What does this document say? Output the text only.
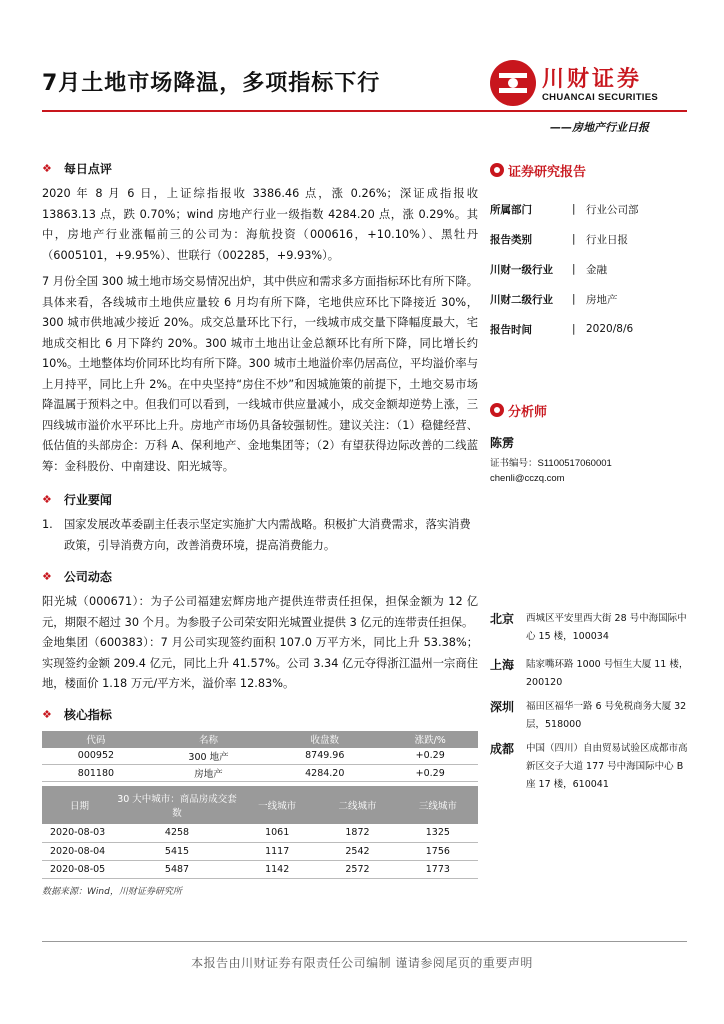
7月土地市场降温，多项指标下行	川财证券
CHUANCAI SECURITIES
——房地产行业日报
❖ 每日点评

2020 年 8 月 6 日，上证综指报收 3386.46 点，涨 0.26%；深证成指报收 13863.13 点，跌 0.70%；wind 房地产行业一级指数 4284.20 点，涨 0.29%。其中，房地产行业涨幅前三的公司为：海航投资（000616，+10.10%）、黑牡丹（6005101，+9.95%）、世联行（002285，+9.93%）。

7 月份全国 300 城土地市场交易情况出炉，其中供应和需求多方面指标环比有所下降。具体来看，各线城市土地供应量较 6 月均有所下降，宅地供应环比下降接近 30%，300 城市供地减少接近 20%。成交总量环比下行，一线城市成交量下降幅度最大，宅地成交相比 6 月下降约 20%。300 城市土地出让金总额环比有所下降，同比增长约 10%。土地整体均价同环比均有所下降。300 城市土地溢价率仍居高位，平均溢价率与上月持平，同比上升 2%。在中央坚持“房住不炒”和因城施策的前提下，土地交易市场降温属于预料之中。但我们可以看到，一线城市供应量减小，成交金额却逆势上涨，三四线城市溢价水平环比上升。房地产市场仍具备较强韧性。建议关注：（1）稳健经营、低估值的头部房企：万科 A、保利地产、金地集团等；（2）有望获得边际改善的二线蓝筹：金科股份、中南建设、阳光城等。

❖ 行业要闻
1. 国家发展改革委副主任表示坚定实施扩大内需战略。积极扩大消费需求，落实消费政策，引导消费方向，改善消费环境，提高消费能力。
❖ 公司动态

阳光城（000671）：为子公司福建宏辉房地产提供连带责任担保，担保金额为 12 亿元，期限不超过 30 个月。为参股子公司荣安阳光城置业提供 3 亿元的连带责任担保。

金地集团（600383）：7 月公司实现签约面积 107.0 万平方米，同比上升 53.38%；实现签约金额 209.4 亿元，同比上升 41.57%。公司 3.34 亿元夺得浙江温州一宗商住地，楼面价 1.18 万元/平方米，溢价率 12.83%。

❖ 核心指标
代码	名称	收盘数	涨跌/%
000952	300 地产	8749.96	+0.29
801180	房地产	4284.20	+0.29
日期	30 大中城市：商品房成交套数	一线城市	二线城市	三线城市
2020-08-03	4258	1061	1872	1325
2020-08-04	5415	1117	2542	1756
2020-08-05	5487	1142	2572	1773
数据来源：Wind，川财证券研究所
证券研究报告
所属部门	| 行业公司部
报告类别	| 行业日报
川财一级行业	| 金融
川财二级行业	| 房地产
报告时间	| 2020/8/6
分析师
陈雳
证书编号：S1100517060001
chenli@cczq.com
北京	西城区平安里西大街 28 号中海国际中心 15 楼，100034
上海	陆家嘴环路 1000 号恒生大厦 11 楼，200120
深圳	福田区福华一路 6 号免税商务大厦 32 层，518000
成都	中国（四川）自由贸易试验区成都市高新区交子大道 177 号中海国际中心 B 座 17 楼，610041
本报告由川财证券有限责任公司编制 谨请参阅尾页的重要声明
